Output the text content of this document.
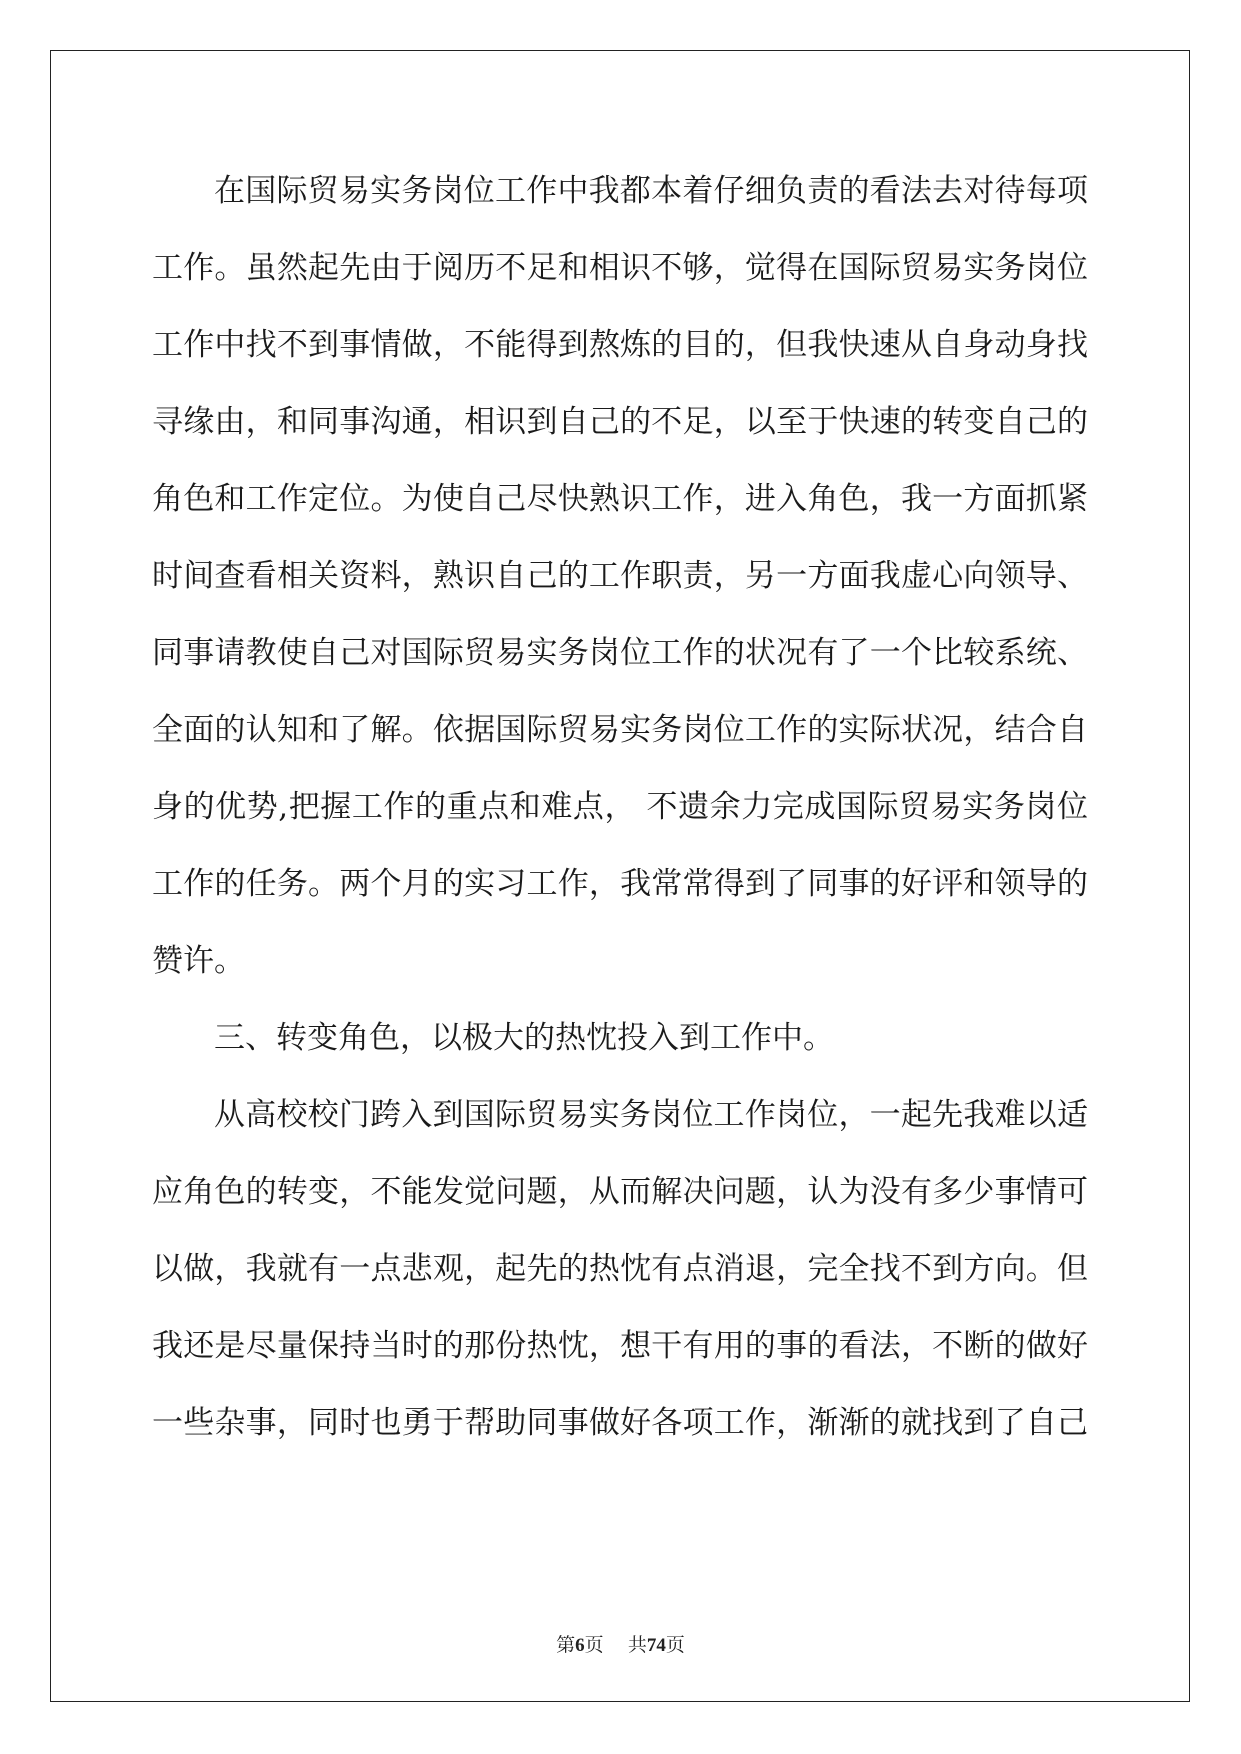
在国际贸易实务岗位工作中我都本着仔细负责的看法去对待每项
工作。虽然起先由于阅历不足和相识不够，觉得在国际贸易实务岗位
工作中找不到事情做，不能得到熬炼的目的，但我快速从自身动身找
寻缘由，和同事沟通，相识到自己的不足，以至于快速的转变自己的
角色和工作定位。为使自己尽快熟识工作，进入角色，我一方面抓紧
时间查看相关资料，熟识自己的工作职责，另一方面我虚心向领导、
同事请教使自己对国际贸易实务岗位工作的状况有了一个比较系统、
全面的认知和了解。依据国际贸易实务岗位工作的实际状况，结合自
身的优势,把握工作的重点和难点， 不遗余力完成国际贸易实务岗位
工作的任务。两个月的实习工作，我常常得到了同事的好评和领导的
赞许。
三、转变角色，以极大的热忱投入到工作中。
从高校校门跨入到国际贸易实务岗位工作岗位，一起先我难以适
应角色的转变，不能发觉问题，从而解决问题，认为没有多少事情可
以做，我就有一点悲观，起先的热忱有点消退，完全找不到方向。但
我还是尽量保持当时的那份热忱，想干有用的事的看法，不断的做好
一些杂事，同时也勇于帮助同事做好各项工作，渐渐的就找到了自己
第6页 共74页
